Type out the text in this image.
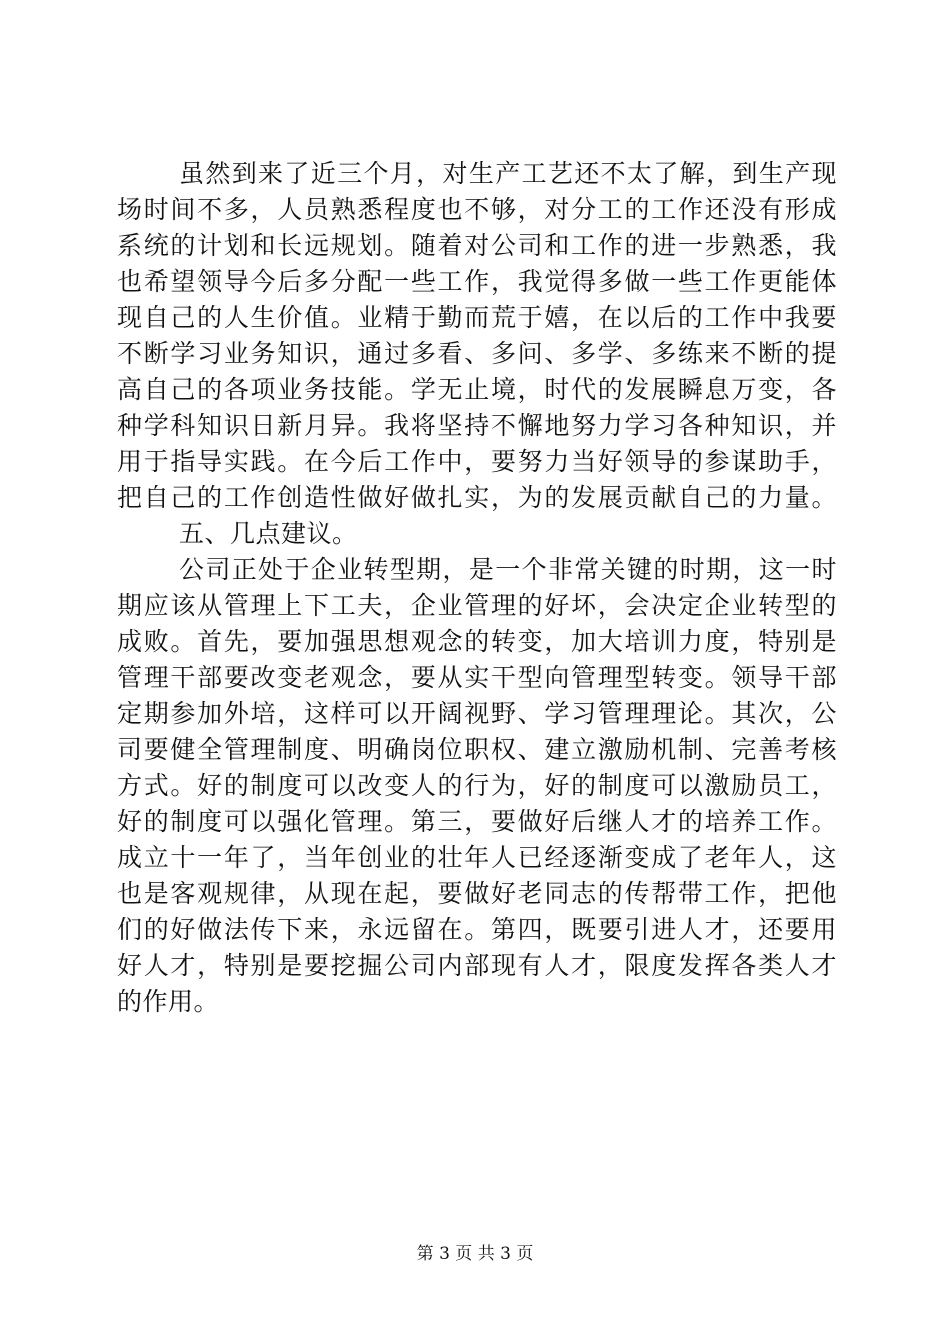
虽然到来了近三个月，对生产工艺还不太了解，到生产现
场时间不多，人员熟悉程度也不够，对分工的工作还没有形成
系统的计划和长远规划。随着对公司和工作的进一步熟悉，我
也希望领导今后多分配一些工作，我觉得多做一些工作更能体
现自己的人生价值。业精于勤而荒于嬉，在以后的工作中我要
不断学习业务知识，通过多看、多问、多学、多练来不断的提
高自己的各项业务技能。学无止境，时代的发展瞬息万变，各
种学科知识日新月异。我将坚持不懈地努力学习各种知识，并
用于指导实践。在今后工作中，要努力当好领导的参谋助手，
把自己的工作创造性做好做扎实，为的发展贡献自己的力量。
五、几点建议。
公司正处于企业转型期，是一个非常关键的时期，这一时
期应该从管理上下工夫，企业管理的好坏，会决定企业转型的
成败。首先，要加强思想观念的转变，加大培训力度，特别是
管理干部要改变老观念，要从实干型向管理型转变。领导干部
定期参加外培，这样可以开阔视野、学习管理理论。其次，公
司要健全管理制度、明确岗位职权、建立激励机制、完善考核
方式。好的制度可以改变人的行为，好的制度可以激励员工，
好的制度可以强化管理。第三，要做好后继人才的培养工作。
成立十一年了，当年创业的壮年人已经逐渐变成了老年人，这
也是客观规律，从现在起，要做好老同志的传帮带工作，把他
们的好做法传下来，永远留在。第四，既要引进人才，还要用
好人才，特别是要挖掘公司内部现有人才，限度发挥各类人才
的作用。
第 3 页 共 3 页
